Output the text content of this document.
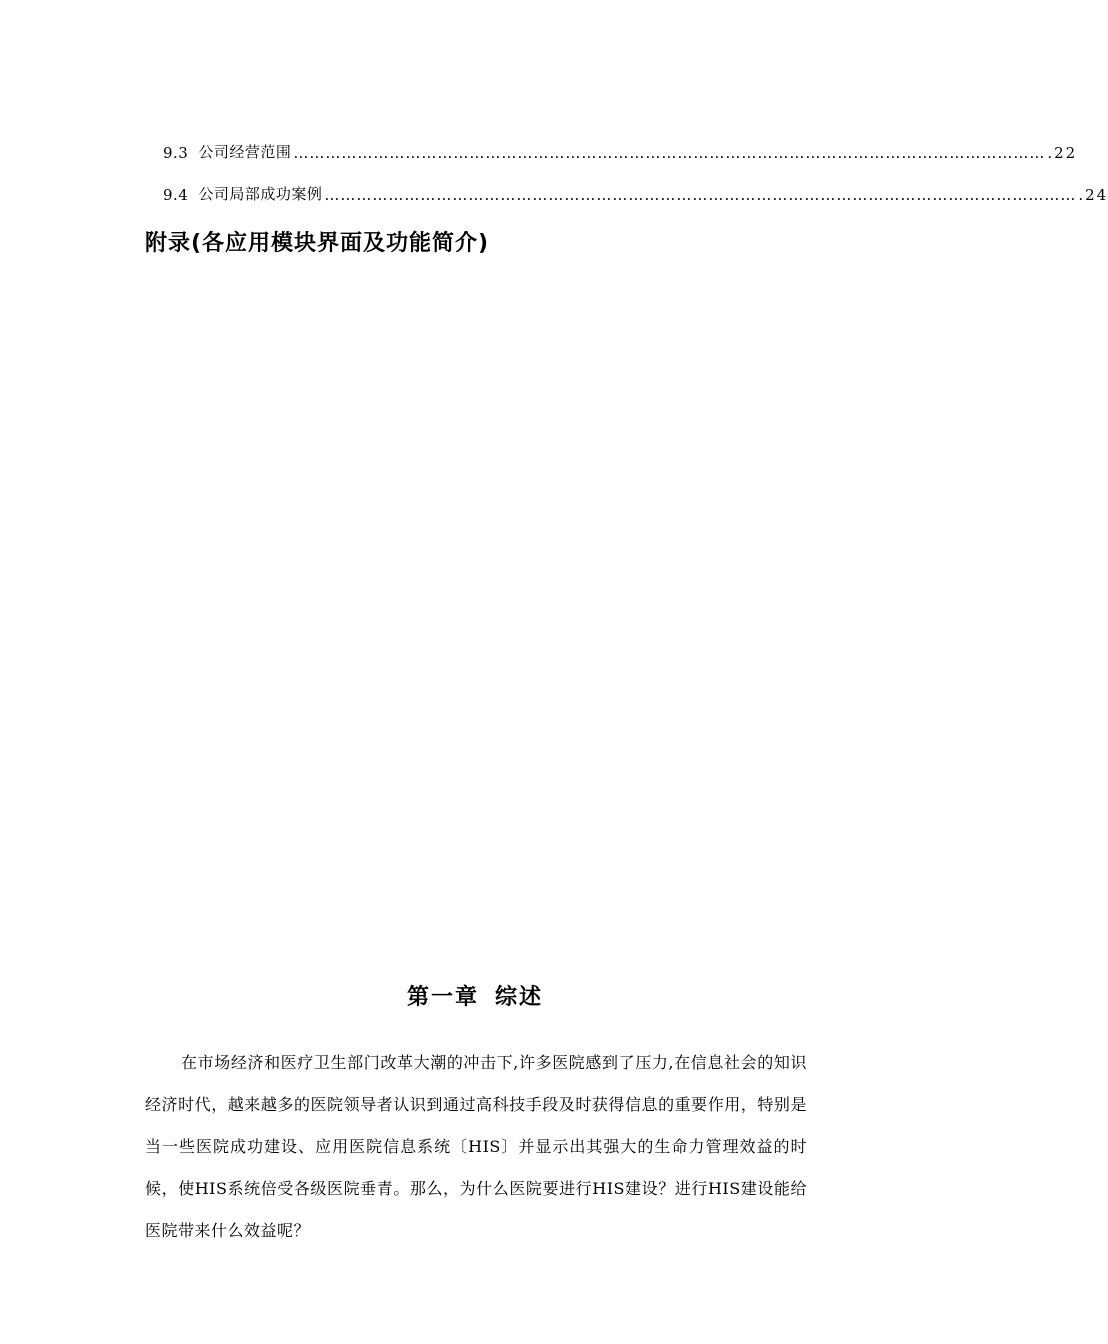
9.3 公司经营范围 …………………………………………………………………………………………………………………………… .22
9.4 公司局部成功案例 …………………………………………………………………………………………………………………………… .24
附录(各应用模块界面及功能简介)
第一章 综述

在市场经济和医疗卫生部门改革大潮的冲击下,许多医院感到了压力,在信息社会的知识经济时代，越来越多的医院领导者认识到通过高科技手段及时获得信息的重要作用，特别是当一些医院成功建设、应用医院信息系统〔HIS〕并显示出其强大的生命力管理效益的时候，使HIS系统倍受各级医院垂青。那么，为什么医院要进行HIS建设？进行HIS建设能给医院带来什么效益呢？
